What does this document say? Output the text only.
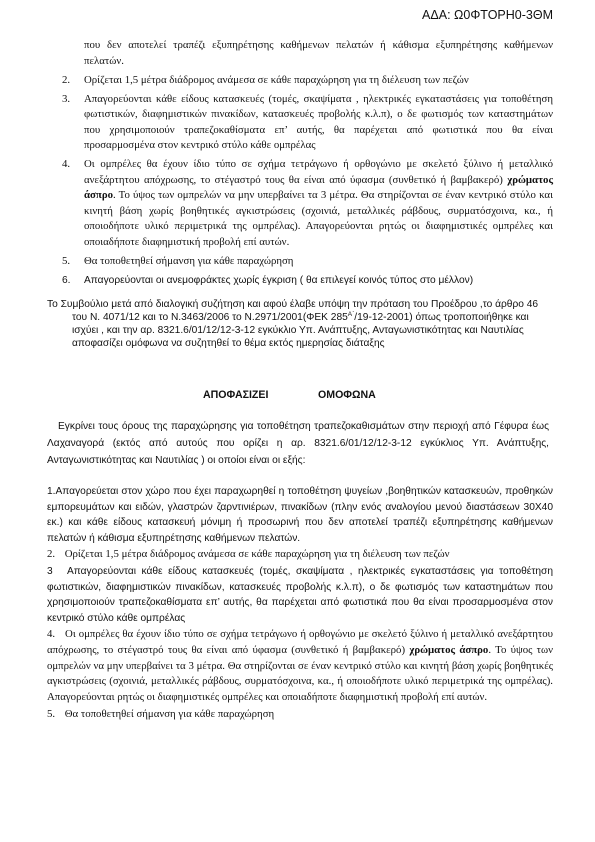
ΑΔΑ: Ω0ΦΤΟΡΗ0-3ΘΜ
που δεν αποτελεί τραπέζι εξυπηρέτησης καθήμενων πελατών ή κάθισμα εξυπηρέτησης καθήμενων πελατών.
2.	Ορίζεται 1,5 μέτρα διάδρομος ανάμεσα σε κάθε παραχώρηση για τη διέλευση των πεζών
3.	Απαγορεύονται κάθε είδους κατασκευές (τομές, σκαψίματα , ηλεκτρικές εγκαταστάσεις για τοποθέτηση φωτιστικών, διαφημιστικών πινακίδων, κατασκευές προβολής κ.λ.π), ο δε φωτισμός των καταστημάτων που χρησιμοποιούν τραπεζοκαθίσματα επ’ αυτής, θα παρέχεται από φωτιστικά που θα είναι προσαρμοσμένα στον κεντρικό στύλο κάθε ομπρέλας
4.	Οι ομπρέλες θα έχουν ίδιο τύπο σε σχήμα τετράγωνο ή ορθογώνιο με σκελετό ξύλινο ή μεταλλικό ανεξάρτητου απόχρωσης, το στέγαστρό τους θα είναι από ύφασμα (συνθετικό ή βαμβακερό) χρώματος άσπρο. Το ύψος των ομπρελών να μην υπερβαίνει τα 3 μέτρα. Θα στηρίζονται σε έναν κεντρικό στύλο και κινητή βάση χωρίς βοηθητικές αγκιστρώσεις (σχοινιά, μεταλλικές ράβδους, συρματόσχοινα, κα., ή οποιοδήποτε υλικό περιμετρικά της ομπρέλας). Απαγορεύονται ρητώς οι διαφημιστικές ομπρέλες και οποιαδήποτε διαφημιστική προβολή επί αυτών.
5.	Θα τοποθετηθεί σήμανση για κάθε παραχώρηση
6.	Απαγορεύονται οι ανεμοφράκτες χωρίς έγκριση ( θα επιλεγεί κοινός τύπος στο μέλλον)
Το Συμβούλιο μετά από διαλογική συζήτηση και αφού έλαβε υπόψη την πρόταση του Προέδρου ,το άρθρο 46 του Ν. 4071/12 και το Ν.3463/2006 το Ν.2971/2001(ΦΕΚ $285^{A΄}/19-12-2001$) όπως τροποποιήθηκε και ισχύει , και την αρ. 8321.6/01/12/12-3-12 εγκύκλιο Υπ. Ανάπτυξης, Ανταγωνιστικότητας και Ναυτιλίας αποφασίζει ομόφωνα να συζητηθεί το θέμα εκτός ημερησίας διάταξης
ΑΠΟΦΑΣΙΖΕΙ	ΟΜΟΦΩΝΑ
Εγκρίνει τους όρους της παραχώρησης για τοποθέτηση τραπεζοκαθισμάτων στην περιοχή από Γέφυρα έως Λαχαναγορά (εκτός από αυτούς που ορίζει η αρ. 8321.6/01/12/12-3-12 εγκύκλιος Υπ. Ανάπτυξης, Ανταγωνιστικότητας και Ναυτιλίας ) οι οποίοι είναι οι εξής:
1.Απαγορεύεται στον χώρο που έχει παραχωρηθεί η τοποθέτηση ψυγείων ,βοηθητικών κατασκευών, προθηκών εμπορευμάτων και ειδών, γλαστρών ζαρντινιέρων, πινακίδων (πλην ενός αναλογίου μενού διαστάσεων 30Χ40 εκ.) και κάθε είδους κατασκευή μόνιμη ή προσωρινή που δεν αποτελεί τραπέζι εξυπηρέτησης καθήμενων πελατών ή κάθισμα εξυπηρέτησης καθήμενων πελατών.
2. Ορίζεται 1,5 μέτρα διάδρομος ανάμεσα σε κάθε παραχώρηση για τη διέλευση των πεζών
3 Απαγορεύονται κάθε είδους κατασκευές (τομές, σκαψίματα , ηλεκτρικές εγκαταστάσεις για τοποθέτηση φωτιστικών, διαφημιστικών πινακίδων, κατασκευές προβολής κ.λ.π), ο δε φωτισμός των καταστημάτων που χρησιμοποιούν τραπεζοκαθίσματα επ’ αυτής, θα παρέχεται από φωτιστικά που θα είναι προσαρμοσμένα στον κεντρικό στύλο κάθε ομπρέλας
4. Οι ομπρέλες θα έχουν ίδιο τύπο σε σχήμα τετράγωνο ή ορθογώνιο με σκελετό ξύλινο ή μεταλλικό ανεξάρτητου απόχρωσης, το στέγαστρό τους θα είναι από ύφασμα (συνθετικό ή βαμβακερό) χρώματος άσπρο. Το ύψος των ομπρελών να μην υπερβαίνει τα 3 μέτρα. Θα στηρίζονται σε έναν κεντρικό στύλο και κινητή βάση χωρίς βοηθητικές αγκιστρώσεις (σχοινιά, μεταλλικές ράβδους, συρματόσχοινα, κα., ή οποιοδήποτε υλικό περιμετρικά της ομπρέλας). Απαγορεύονται ρητώς οι διαφημιστικές ομπρέλες και οποιαδήποτε διαφημιστική προβολή επί αυτών.
5. Θα τοποθετηθεί σήμανση για κάθε παραχώρηση
